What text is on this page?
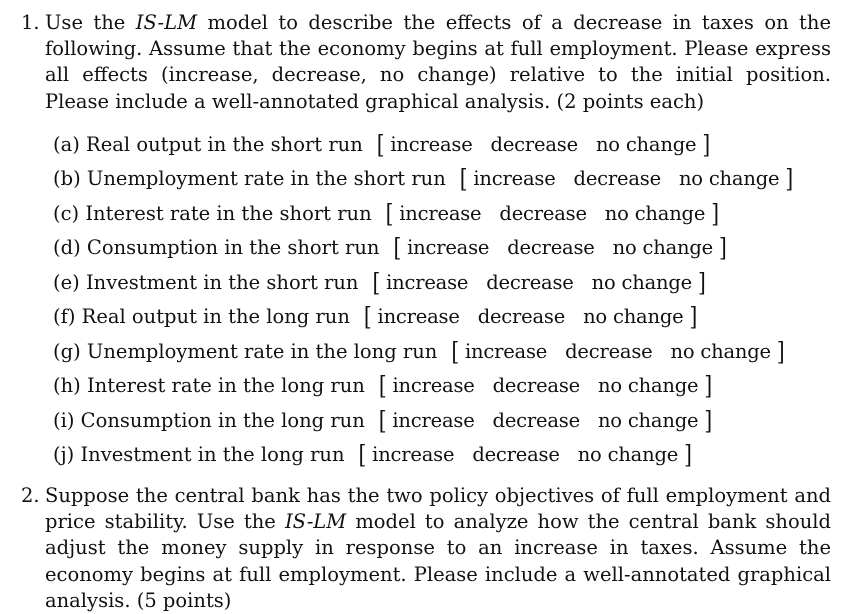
1. Use the IS-LM model to describe the effects of a decrease in taxes on the following. Assume that the economy begins at full employment. Please express all effects (increase, decrease, no change) relative to the initial position. Please include a well-annotated graphical analysis. (2 points each)
(a) Real output in the short run [ increase decrease no change ]
(b) Unemployment rate in the short run [ increase decrease no change ]
(c) Interest rate in the short run [ increase decrease no change ]
(d) Consumption in the short run [ increase decrease no change ]
(e) Investment in the short run [ increase decrease no change ]
(f) Real output in the long run [ increase decrease no change ]
(g) Unemployment rate in the long run [ increase decrease no change ]
(h) Interest rate in the long run [ increase decrease no change ]
(i) Consumption in the long run [ increase decrease no change ]
(j) Investment in the long run [ increase decrease no change ]
2. Suppose the central bank has the two policy objectives of full employment and price stability. Use the IS-LM model to analyze how the central bank should adjust the money supply in response to an increase in taxes. Assume the economy begins at full employment. Please include a well-annotated graphical analysis. (5 points)
